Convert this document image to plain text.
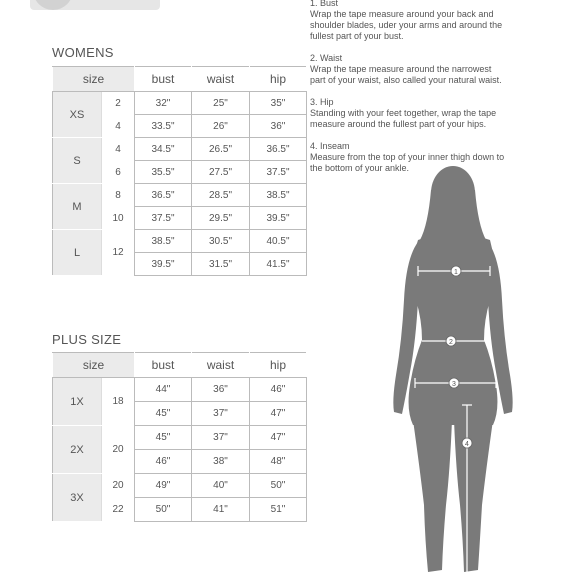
WOMENS
size		bust	waist	hip
XS	2	32"	25"	35"
	4	33.5"	26"	36"
S	4	34.5"	26.5"	36.5"
	6	35.5"	27.5"	37.5"
M	8	36.5"	28.5"	38.5"
	10	37.5"	29.5"	39.5"
L	12	38.5"	30.5"	40.5"
		39.5"	31.5"	41.5"
PLUS SIZE
size		bust	waist	hip
1X	18	44"	36"	46"
		45"	37"	47"
2X	20	45"	37"	47"
		46"	38"	48"
3X	20	49"	40"	50"
	22	50"	41"	51"
1. Bust
Wrap the tape measure around your back and
shoulder blades, uder your arms and around the
fullest part of your bust.
2. Waist
Wrap the tape measure around the narrowest
part of your waist, also called your natural waist.
3. Hip
Standing with your feet together, wrap the tape
measure around the fullest part of your hips.
4. Inseam
Measure from the top of your inner thigh down to
the bottom of your ankle.
1
2
3
4
